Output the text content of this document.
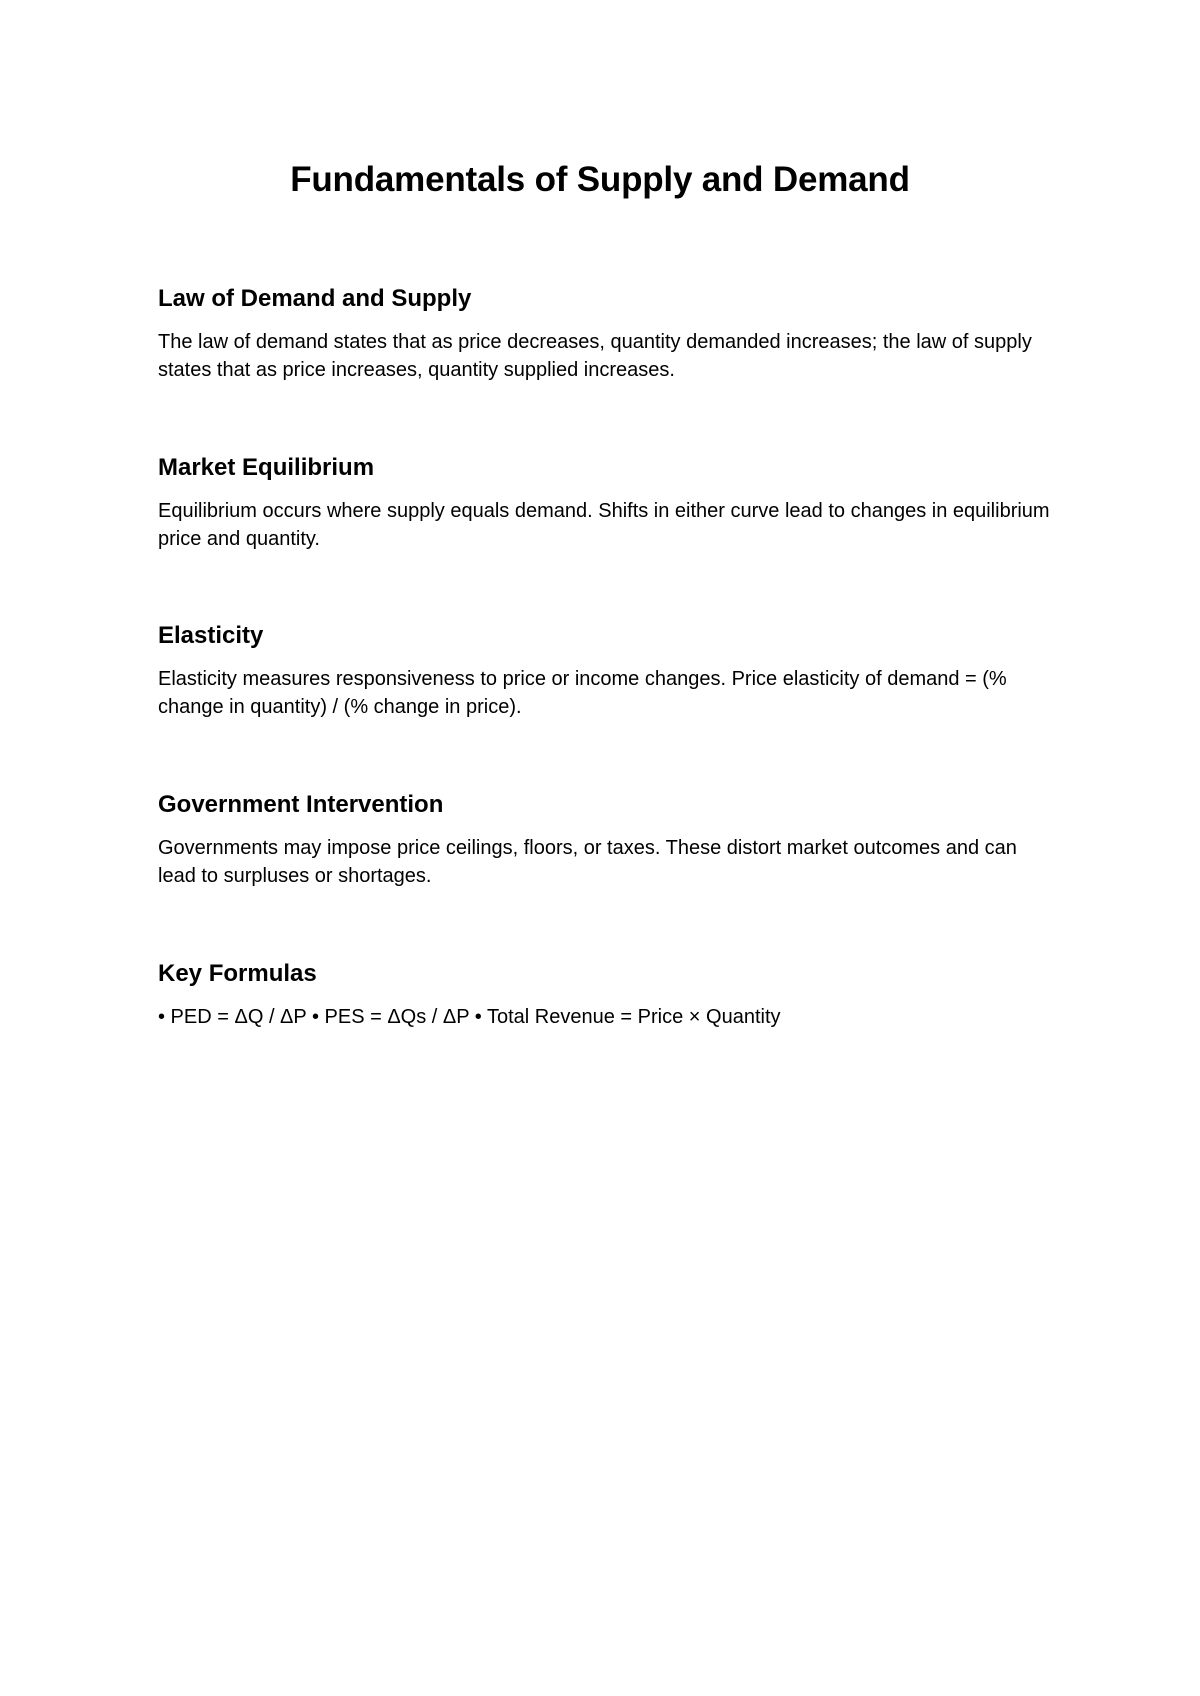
Fundamentals of Supply and Demand
Law of Demand and Supply

The law of demand states that as price decreases, quantity demanded increases; the law of supply states that as price increases, quantity supplied increases.

Market Equilibrium

Equilibrium occurs where supply equals demand. Shifts in either curve lead to changes in equilibrium price and quantity.

Elasticity

Elasticity measures responsiveness to price or income changes. Price elasticity of demand = (% change in quantity) / (% change in price).

Government Intervention

Governments may impose price ceilings, floors, or taxes. These distort market outcomes and can lead to surpluses or shortages.

Key Formulas

• PED = ΔQ / ΔP • PES = ΔQs / ΔP • Total Revenue = Price × Quantity
